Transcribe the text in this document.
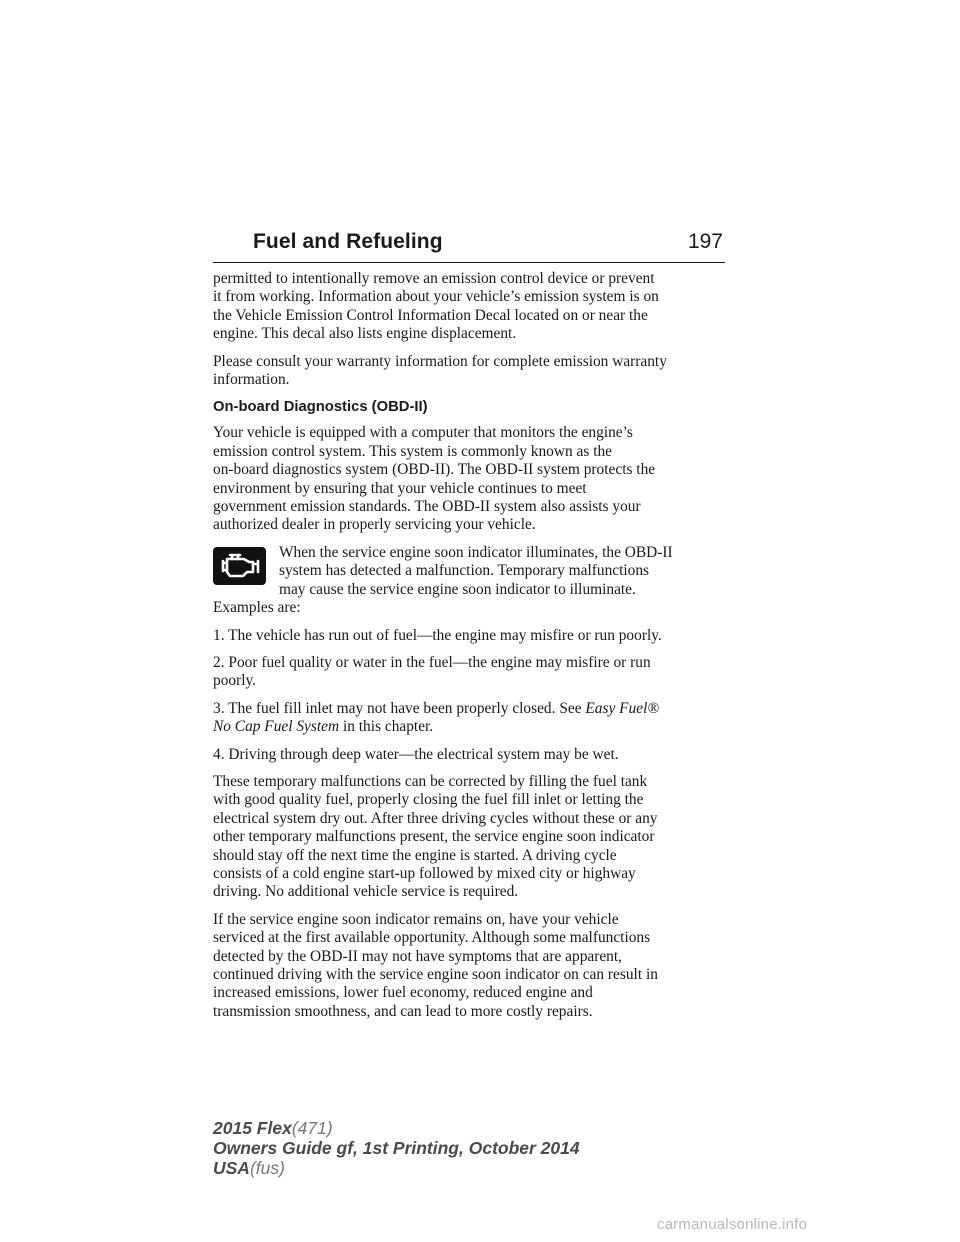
Fuel and Refueling	197

permitted to intentionally remove an emission control device or prevent
it from working. Information about your vehicle’s emission system is on
the Vehicle Emission Control Information Decal located on or near the
engine. This decal also lists engine displacement.

Please consult your warranty information for complete emission warranty
information.

On-board Diagnostics (OBD-II)

Your vehicle is equipped with a computer that monitors the engine’s
emission control system. This system is commonly known as the
on-board diagnostics system (OBD-II). The OBD-II system protects the
environment by ensuring that your vehicle continues to meet
government emission standards. The OBD-II system also assists your
authorized dealer in properly servicing your vehicle.

When the service engine soon indicator illuminates, the OBD-II
system has detected a malfunction. Temporary malfunctions
may cause the service engine soon indicator to illuminate.
Examples are:

1. The vehicle has run out of fuel—the engine may misfire or run poorly.

2. Poor fuel quality or water in the fuel—the engine may misfire or run
poorly.

3. The fuel fill inlet may not have been properly closed. See Easy Fuel®
No Cap Fuel System in this chapter.

4. Driving through deep water—the electrical system may be wet.

These temporary malfunctions can be corrected by filling the fuel tank
with good quality fuel, properly closing the fuel fill inlet or letting the
electrical system dry out. After three driving cycles without these or any
other temporary malfunctions present, the service engine soon indicator
should stay off the next time the engine is started. A driving cycle
consists of a cold engine start-up followed by mixed city or highway
driving. No additional vehicle service is required.

If the service engine soon indicator remains on, have your vehicle
serviced at the first available opportunity. Although some malfunctions
detected by the OBD-II may not have symptoms that are apparent,
continued driving with the service engine soon indicator on can result in
increased emissions, lower fuel economy, reduced engine and
transmission smoothness, and can lead to more costly repairs.

2015 Flex(471)
Owners Guide gf, 1st Printing, October 2014
USA(fus)
carmanualsonline.info
